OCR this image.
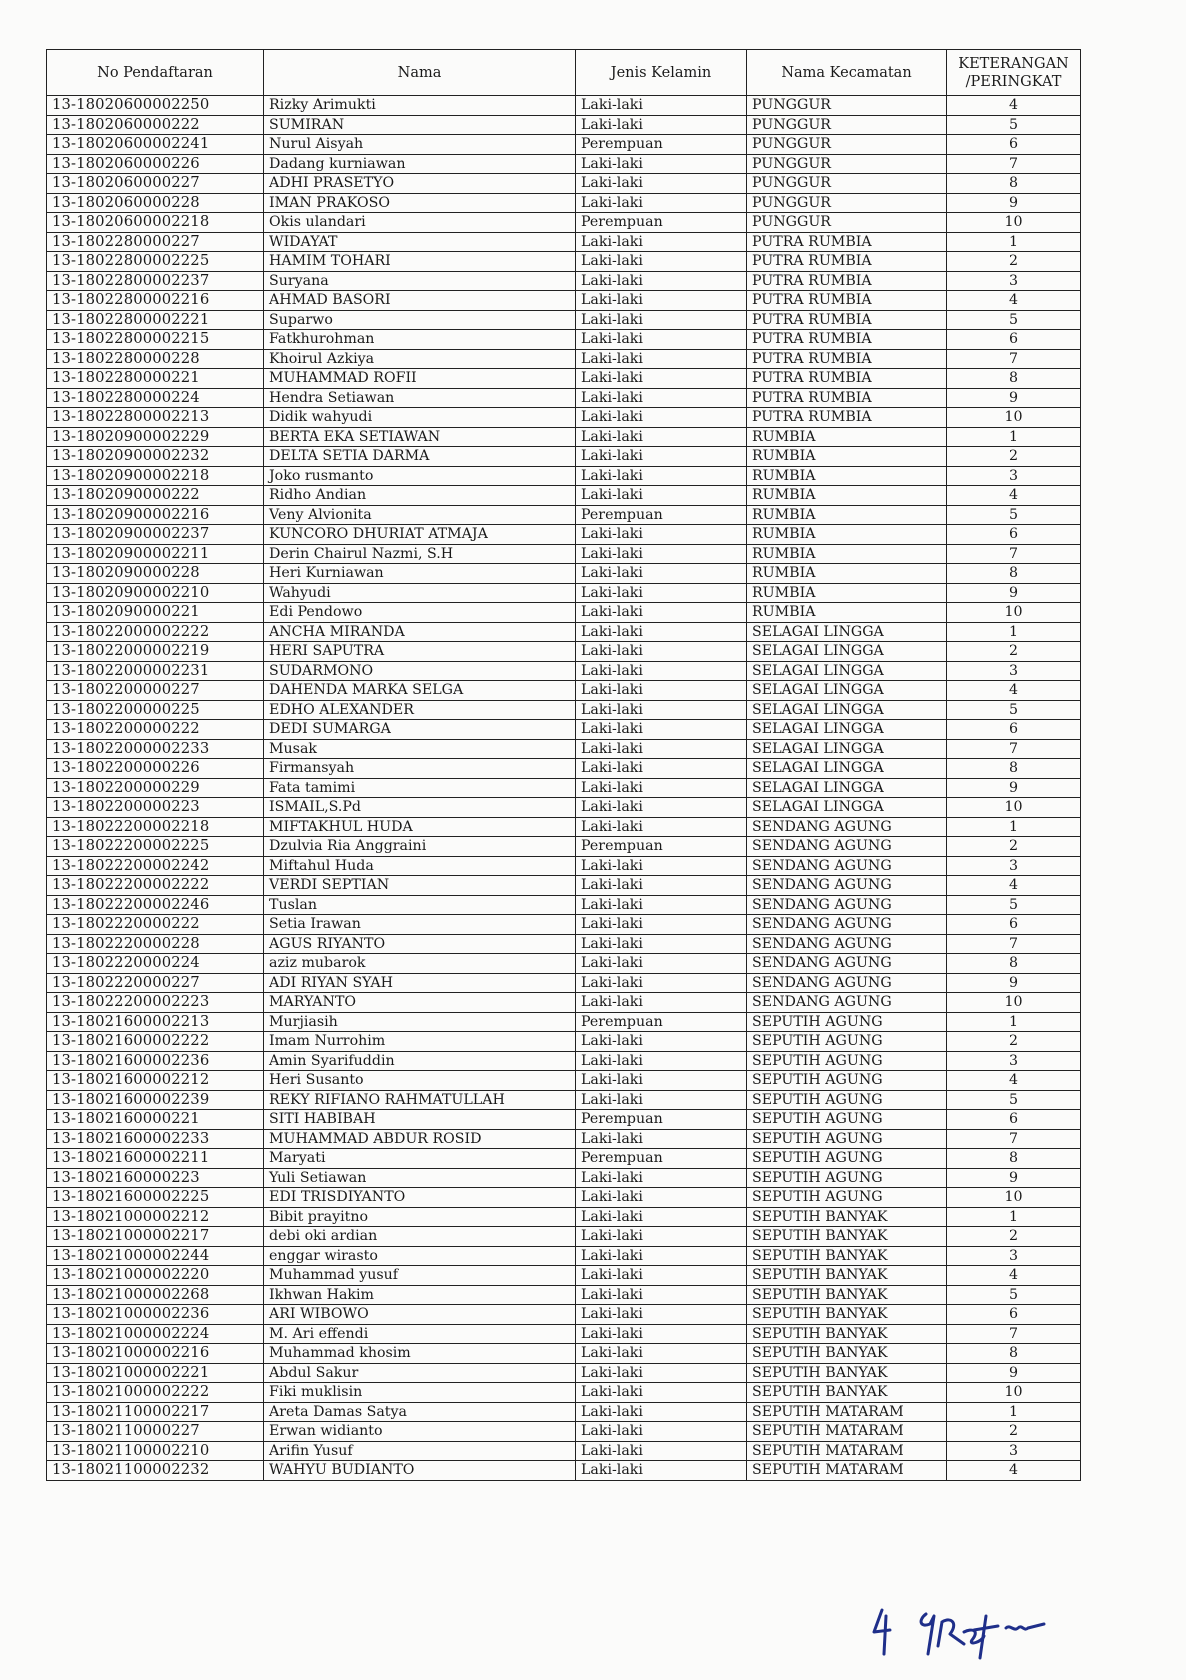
No Pendaftaran	Nama	Jenis Kelamin	Nama Kecamatan	KETERANGAN
/PERINGKAT
13-18020600002250	Rizky Arimukti	Laki-laki	PUNGGUR	4
13-1802060000222	SUMIRAN	Laki-laki	PUNGGUR	5
13-18020600002241	Nurul Aisyah	Perempuan	PUNGGUR	6
13-1802060000226	Dadang kurniawan	Laki-laki	PUNGGUR	7
13-1802060000227	ADHI PRASETYO	Laki-laki	PUNGGUR	8
13-1802060000228	IMAN PRAKOSO	Laki-laki	PUNGGUR	9
13-18020600002218	Okis ulandari	Perempuan	PUNGGUR	10
13-1802280000227	WIDAYAT	Laki-laki	PUTRA RUMBIA	1
13-18022800002225	HAMIM TOHARI	Laki-laki	PUTRA RUMBIA	2
13-18022800002237	Suryana	Laki-laki	PUTRA RUMBIA	3
13-18022800002216	AHMAD BASORI	Laki-laki	PUTRA RUMBIA	4
13-18022800002221	Suparwo	Laki-laki	PUTRA RUMBIA	5
13-18022800002215	Fatkhurohman	Laki-laki	PUTRA RUMBIA	6
13-1802280000228	Khoirul Azkiya	Laki-laki	PUTRA RUMBIA	7
13-1802280000221	MUHAMMAD ROFII	Laki-laki	PUTRA RUMBIA	8
13-1802280000224	Hendra Setiawan	Laki-laki	PUTRA RUMBIA	9
13-18022800002213	Didik wahyudi	Laki-laki	PUTRA RUMBIA	10
13-18020900002229	BERTA EKA SETIAWAN	Laki-laki	RUMBIA	1
13-18020900002232	DELTA SETIA DARMA	Laki-laki	RUMBIA	2
13-18020900002218	Joko rusmanto	Laki-laki	RUMBIA	3
13-1802090000222	Ridho Andian	Laki-laki	RUMBIA	4
13-18020900002216	Veny Alvionita	Perempuan	RUMBIA	5
13-18020900002237	KUNCORO DHURIAT ATMAJA	Laki-laki	RUMBIA	6
13-18020900002211	Derin Chairul Nazmi, S.H	Laki-laki	RUMBIA	7
13-1802090000228	Heri Kurniawan	Laki-laki	RUMBIA	8
13-18020900002210	Wahyudi	Laki-laki	RUMBIA	9
13-1802090000221	Edi Pendowo	Laki-laki	RUMBIA	10
13-18022000002222	ANCHA MIRANDA	Laki-laki	SELAGAI LINGGA	1
13-18022000002219	HERI SAPUTRA	Laki-laki	SELAGAI LINGGA	2
13-18022000002231	SUDARMONO	Laki-laki	SELAGAI LINGGA	3
13-1802200000227	DAHENDA MARKA SELGA	Laki-laki	SELAGAI LINGGA	4
13-1802200000225	EDHO ALEXANDER	Laki-laki	SELAGAI LINGGA	5
13-1802200000222	DEDI SUMARGA	Laki-laki	SELAGAI LINGGA	6
13-18022000002233	Musak	Laki-laki	SELAGAI LINGGA	7
13-1802200000226	Firmansyah	Laki-laki	SELAGAI LINGGA	8
13-1802200000229	Fata tamimi	Laki-laki	SELAGAI LINGGA	9
13-1802200000223	ISMAIL,S.Pd	Laki-laki	SELAGAI LINGGA	10
13-18022200002218	MIFTAKHUL HUDA	Laki-laki	SENDANG AGUNG	1
13-18022200002225	Dzulvia Ria Anggraini	Perempuan	SENDANG AGUNG	2
13-18022200002242	Miftahul Huda	Laki-laki	SENDANG AGUNG	3
13-18022200002222	VERDI SEPTIAN	Laki-laki	SENDANG AGUNG	4
13-18022200002246	Tuslan	Laki-laki	SENDANG AGUNG	5
13-1802220000222	Setia Irawan	Laki-laki	SENDANG AGUNG	6
13-1802220000228	AGUS RIYANTO	Laki-laki	SENDANG AGUNG	7
13-1802220000224	aziz mubarok	Laki-laki	SENDANG AGUNG	8
13-1802220000227	ADI RIYAN SYAH	Laki-laki	SENDANG AGUNG	9
13-18022200002223	MARYANTO	Laki-laki	SENDANG AGUNG	10
13-18021600002213	Murjiasih	Perempuan	SEPUTIH AGUNG	1
13-18021600002222	Imam Nurrohim	Laki-laki	SEPUTIH AGUNG	2
13-18021600002236	Amin Syarifuddin	Laki-laki	SEPUTIH AGUNG	3
13-18021600002212	Heri Susanto	Laki-laki	SEPUTIH AGUNG	4
13-18021600002239	REKY RIFIANO RAHMATULLAH	Laki-laki	SEPUTIH AGUNG	5
13-1802160000221	SITI HABIBAH	Perempuan	SEPUTIH AGUNG	6
13-18021600002233	MUHAMMAD ABDUR ROSID	Laki-laki	SEPUTIH AGUNG	7
13-18021600002211	Maryati	Perempuan	SEPUTIH AGUNG	8
13-1802160000223	Yuli Setiawan	Laki-laki	SEPUTIH AGUNG	9
13-18021600002225	EDI TRISDIYANTO	Laki-laki	SEPUTIH AGUNG	10
13-18021000002212	Bibit prayitno	Laki-laki	SEPUTIH BANYAK	1
13-18021000002217	debi oki ardian	Laki-laki	SEPUTIH BANYAK	2
13-18021000002244	enggar wirasto	Laki-laki	SEPUTIH BANYAK	3
13-18021000002220	Muhammad yusuf	Laki-laki	SEPUTIH BANYAK	4
13-18021000002268	Ikhwan Hakim	Laki-laki	SEPUTIH BANYAK	5
13-18021000002236	ARI WIBOWO	Laki-laki	SEPUTIH BANYAK	6
13-18021000002224	M. Ari effendi	Laki-laki	SEPUTIH BANYAK	7
13-18021000002216	Muhammad khosim	Laki-laki	SEPUTIH BANYAK	8
13-18021000002221	Abdul Sakur	Laki-laki	SEPUTIH BANYAK	9
13-18021000002222	Fiki muklisin	Laki-laki	SEPUTIH BANYAK	10
13-18021100002217	Areta Damas Satya	Laki-laki	SEPUTIH MATARAM	1
13-1802110000227	Erwan widianto	Laki-laki	SEPUTIH MATARAM	2
13-18021100002210	Arifin Yusuf	Laki-laki	SEPUTIH MATARAM	3
13-18021100002232	WAHYU BUDIANTO	Laki-laki	SEPUTIH MATARAM	4
